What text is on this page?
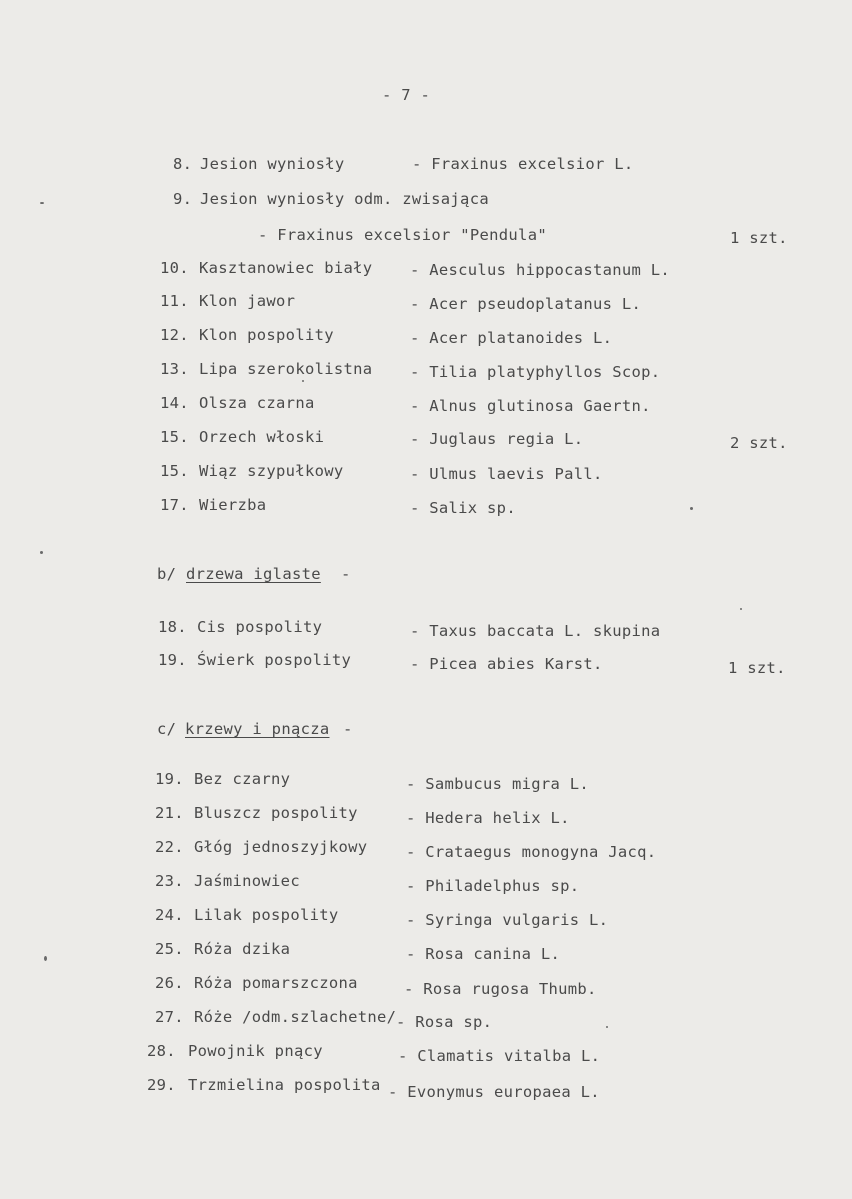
- 7 -
8. Jesion wyniosły	- Fraxinus excelsior L.
9. Jesion wyniosły odm. zwisająca
- Fraxinus excelsior "Pendula"	1 szt.
10. Kasztanowiec biały - Aesculus hippocastanum L.
11. Klon jawor	- Acer pseudoplatanus L.
12. Klon pospolity	- Acer platanoides L.
13. Lipa szerokolistna - Tilia platyphyllos Scop.
14. Olsza czarna	- Alnus glutinosa Gaertn.
15. Orzech włoski	- Juglaus regia L.	2 szt.
15. Wiąz szypułkowy	- Ulmus laevis Pall.
17. Wierzba	- Salix sp.
b/ drzewa iglaste -
18. Cis pospolity	- Taxus baccata L. skupina
19. Świerk pospolity	- Picea abies Karst.	1 szt.
c/ krzewy i pnącza -
19. Bez czarny	- Sambucus migra L.
21. Bluszcz pospolity	- Hedera helix L.
22. Głóg jednoszyjkowy - Crataegus monogyna Jacq.
23. Jaśminowiec	- Philadelphus sp.
24. Lilak pospolity	- Syringa vulgaris L.
25. Róża dzika	- Rosa canina L.
26. Róża pomarszczona	- Rosa rugosa Thumb.
27. Róże /odm.szlachetne/ - Rosa sp.
28. Powojnik pnący	- Clamatis vitalba L.
29. Trzmielina pospolita - Evonymus europaea L.
